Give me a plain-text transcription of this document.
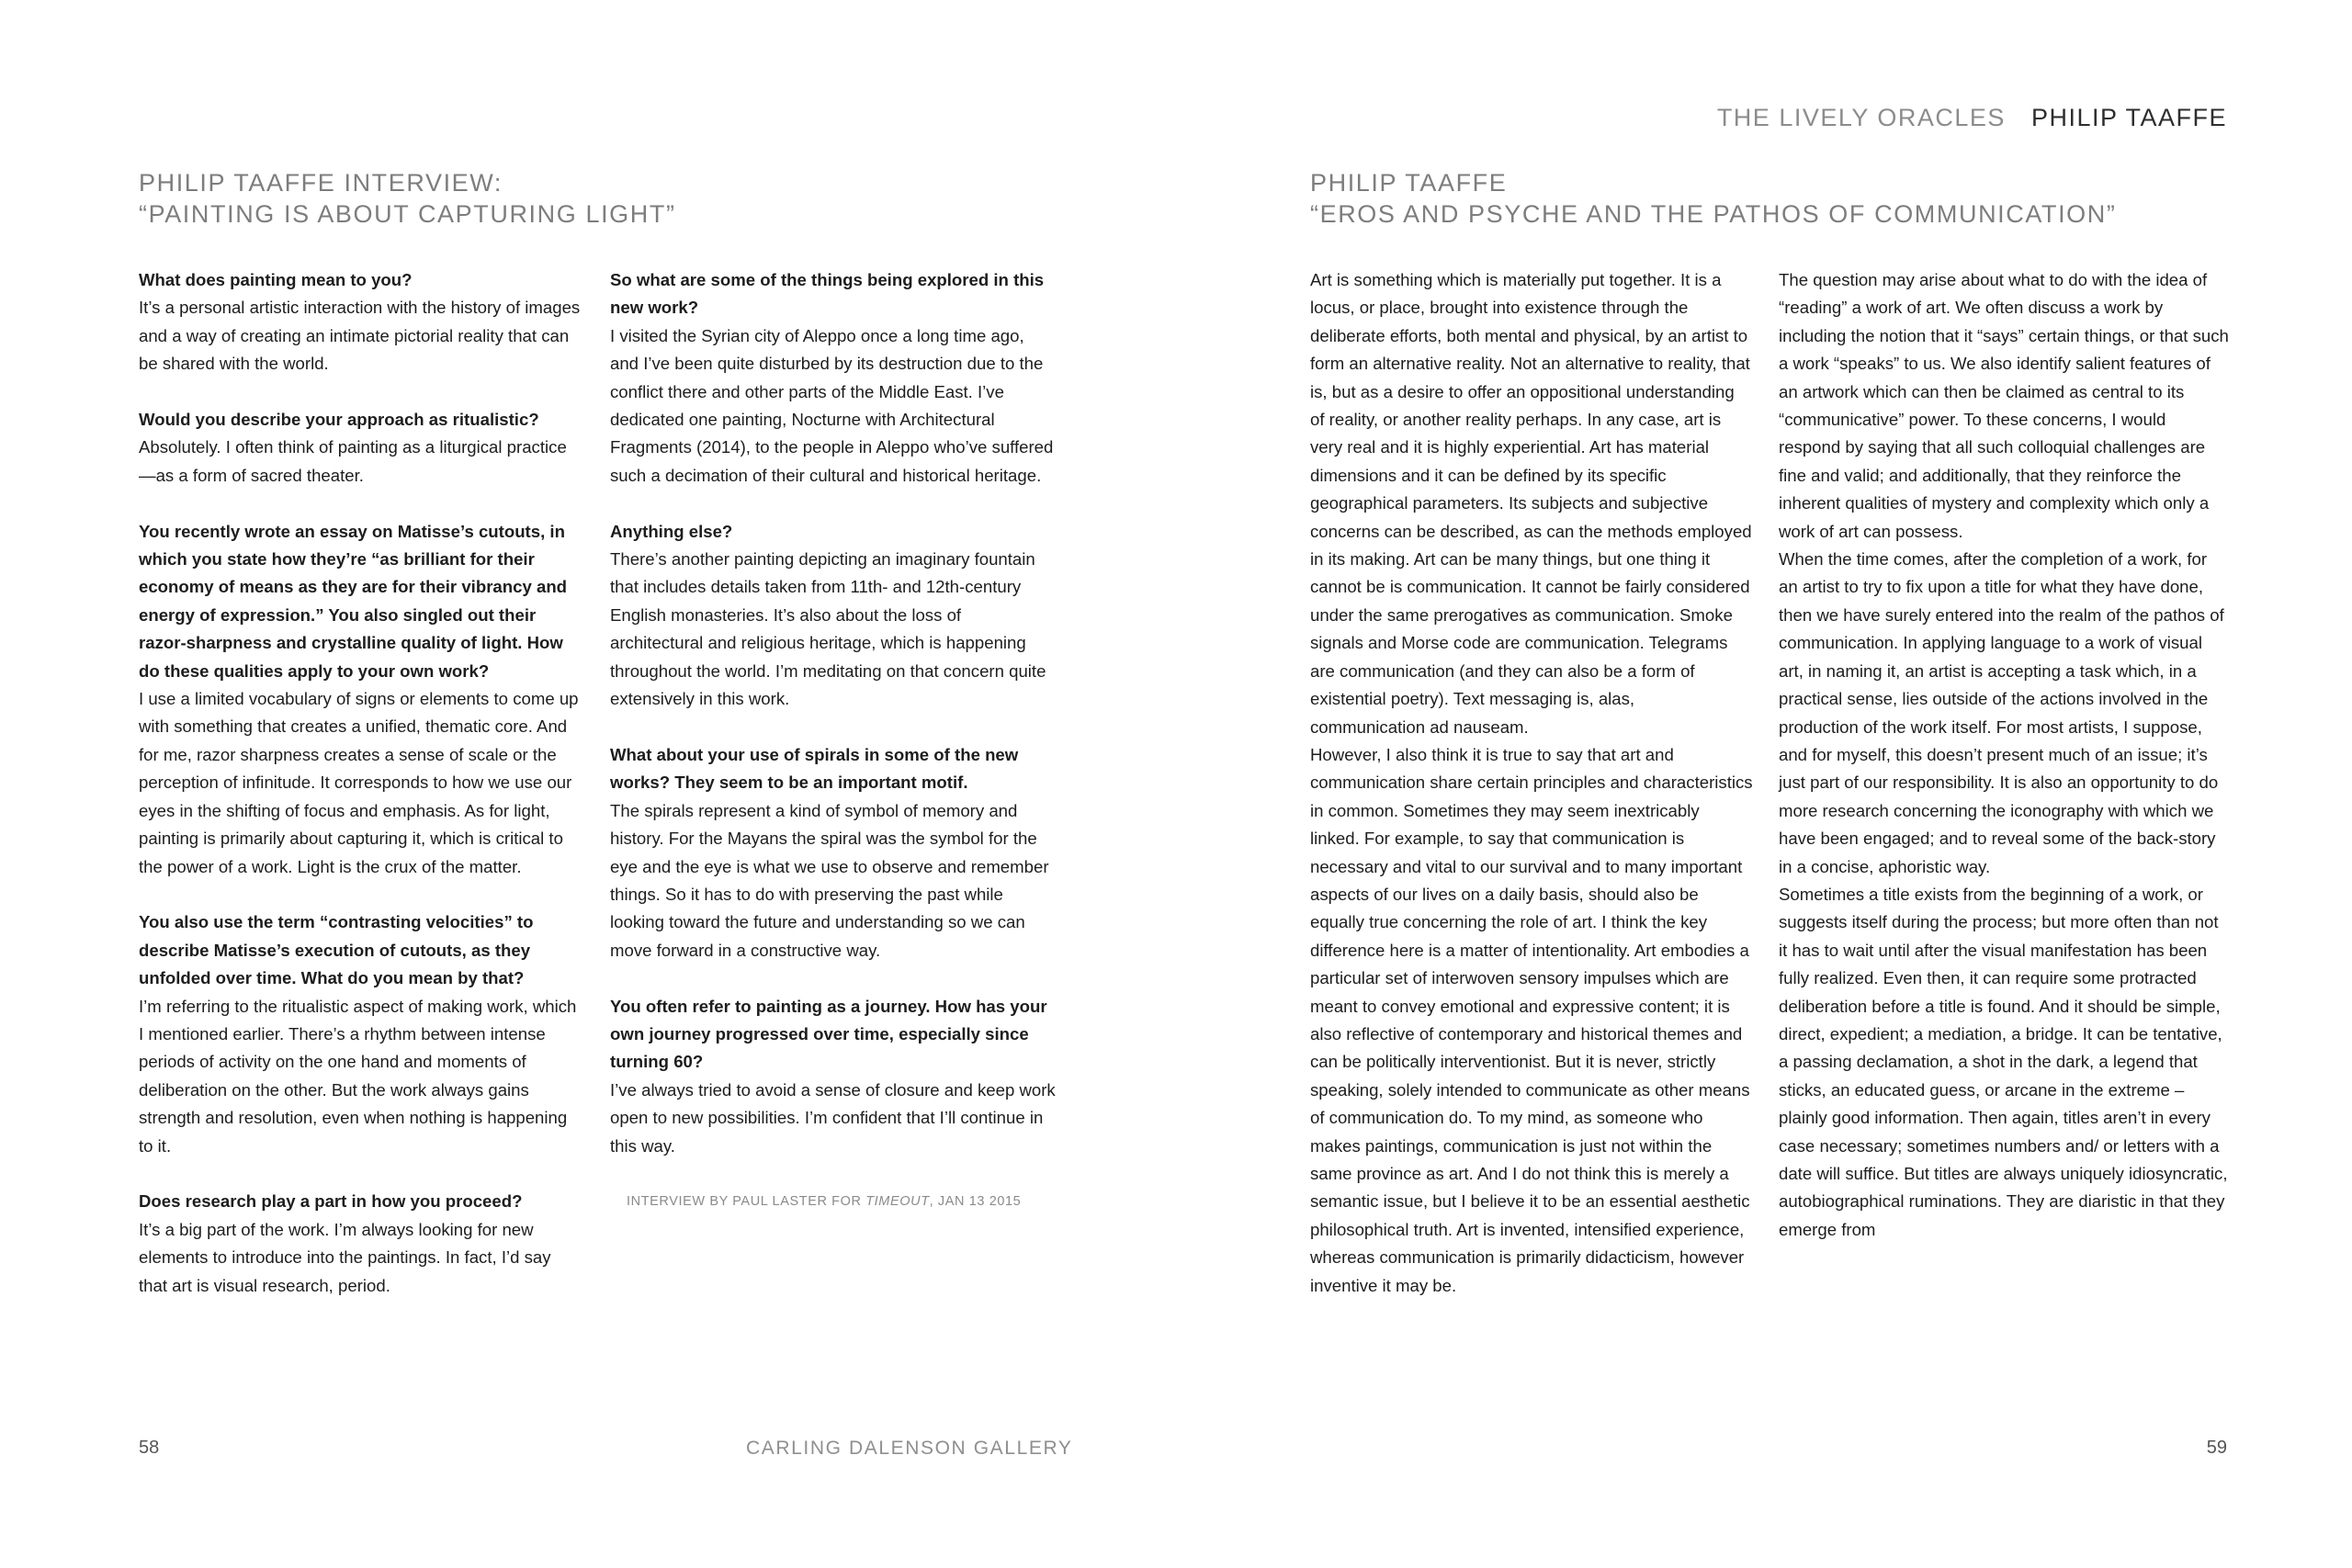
THE LIVELY ORACLES PHILIP TAAFFE
PHILIP TAAFFE INTERVIEW:
“PAINTING IS ABOUT CAPTURING LIGHT”

What does painting mean to you?

It’s a personal artistic interaction with the history of images and a way of creating an intimate pictorial reality that can be shared with the world.

Would you describe your approach as ritualistic?

Absolutely. I often think of painting as a liturgical practice—as a form of sacred theater.

You recently wrote an essay on Matisse’s cutouts, in which you state how they’re “as brilliant for their economy of means as they are for their vibrancy and energy of expression.” You also singled out their razor-sharpness and crystalline quality of light. How do these qualities apply to your own work?

I use a limited vocabulary of signs or elements to come up with something that creates a unified, thematic core. And for me, razor sharpness creates a sense of scale or the perception of infinitude. It corresponds to how we use our eyes in the shifting of focus and emphasis. As for light, painting is primarily about capturing it, which is critical to the power of a work. Light is the crux of the matter.

You also use the term “contrasting velocities” to describe Matisse’s execution of cutouts, as they unfolded over time. What do you mean by that?

I’m referring to the ritualistic aspect of making work, which I mentioned earlier. There’s a rhythm between intense periods of activity on the one hand and moments of deliberation on the other. But the work always gains strength and resolution, even when nothing is happening to it.

Does research play a part in how you proceed?

It’s a big part of the work. I’m always looking for new elements to introduce into the paintings. In fact, I’d say that art is visual research, period.

So what are some of the things being explored in this new work?

I visited the Syrian city of Aleppo once a long time ago, and I’ve been quite disturbed by its destruction due to the conflict there and other parts of the Middle East. I’ve dedicated one painting, Nocturne with Architectural Fragments (2014), to the people in Aleppo who’ve suffered such a decimation of their cultural and historical heritage.

Anything else?

There’s another painting depicting an imaginary fountain that includes details taken from 11th- and 12th-century English monasteries. It’s also about the loss of architectural and religious heritage, which is happening throughout the world. I’m meditating on that concern quite extensively in this work.

What about your use of spirals in some of the new works? They seem to be an important motif.

The spirals represent a kind of symbol of memory and history. For the Mayans the spiral was the symbol for the eye and the eye is what we use to observe and remember things. So it has to do with preserving the past while looking toward the future and understanding so we can move forward in a constructive way.

You often refer to painting as a journey. How has your own journey progressed over time, especially since turning 60?

I’ve always tried to avoid a sense of closure and keep work open to new possibilities. I’m confident that I’ll continue in this way.

INTERVIEW BY PAUL LASTER FOR TIMEOUT, JAN 13 2015
PHILIP TAAFFE
“EROS AND PSYCHE AND THE PATHOS OF COMMUNICATION”

Art is something which is materially put together. It is a locus, or place, brought into existence through the deliberate efforts, both mental and physical, by an artist to form an alternative reality. Not an alternative to reality, that is, but as a desire to offer an oppositional understanding of reality, or another reality perhaps. In any case, art is very real and it is highly experiential. Art has material dimensions and it can be defined by its specific geographical parameters. Its subjects and subjective concerns can be described, as can the methods employed in its making. Art can be many things, but one thing it cannot be is communication. It cannot be fairly considered under the same prerogatives as communication. Smoke signals and Morse code are communication. Telegrams are communication (and they can also be a form of existential poetry). Text messaging is, alas, communication ad nauseam.

However, I also think it is true to say that art and communication share certain principles and characteristics in common. Sometimes they may seem inextricably linked. For example, to say that communication is necessary and vital to our survival and to many important aspects of our lives on a daily basis, should also be equally true concerning the role of art. I think the key difference here is a matter of intentionality. Art embodies a particular set of interwoven sensory impulses which are meant to convey emotional and expressive content; it is also reflective of contemporary and historical themes and can be politically interventionist. But it is never, strictly speaking, solely intended to communicate as other means of communication do. To my mind, as someone who makes paintings, communication is just not within the same province as art. And I do not think this is merely a semantic issue, but I believe it to be an essential aesthetic philosophical truth. Art is invented, intensified experience, whereas communication is primarily didacticism, however inventive it may be.

The question may arise about what to do with the idea of “reading” a work of art. We often discuss a work by including the notion that it “says” certain things, or that such a work “speaks” to us. We also identify salient features of an artwork which can then be claimed as central to its “communicative” power. To these concerns, I would respond by saying that all such colloquial challenges are fine and valid; and additionally, that they reinforce the inherent qualities of mystery and complexity which only a work of art can possess.

When the time comes, after the completion of a work, for an artist to try to fix upon a title for what they have done, then we have surely entered into the realm of the pathos of communication. In applying language to a work of visual art, in naming it, an artist is accepting a task which, in a practical sense, lies outside of the actions involved in the production of the work itself. For most artists, I suppose, and for myself, this doesn’t present much of an issue; it’s just part of our responsibility. It is also an opportunity to do more research concerning the iconography with which we have been engaged; and to reveal some of the back-story in a concise, aphoristic way.

Sometimes a title exists from the beginning of a work, or suggests itself during the process; but more often than not it has to wait until after the visual manifestation has been fully realized. Even then, it can require some protracted deliberation before a title is found. And it should be simple, direct, expedient; a mediation, a bridge. It can be tentative, a passing declamation, a shot in the dark, a legend that sticks, an educated guess, or arcane in the extreme – plainly good information. Then again, titles aren’t in every case necessary; sometimes numbers and/ or letters with a date will suffice. But titles are always uniquely idiosyncratic, autobiographical ruminations. They are diaristic in that they emerge from

58	CARLING DALENSON GALLERY	59
